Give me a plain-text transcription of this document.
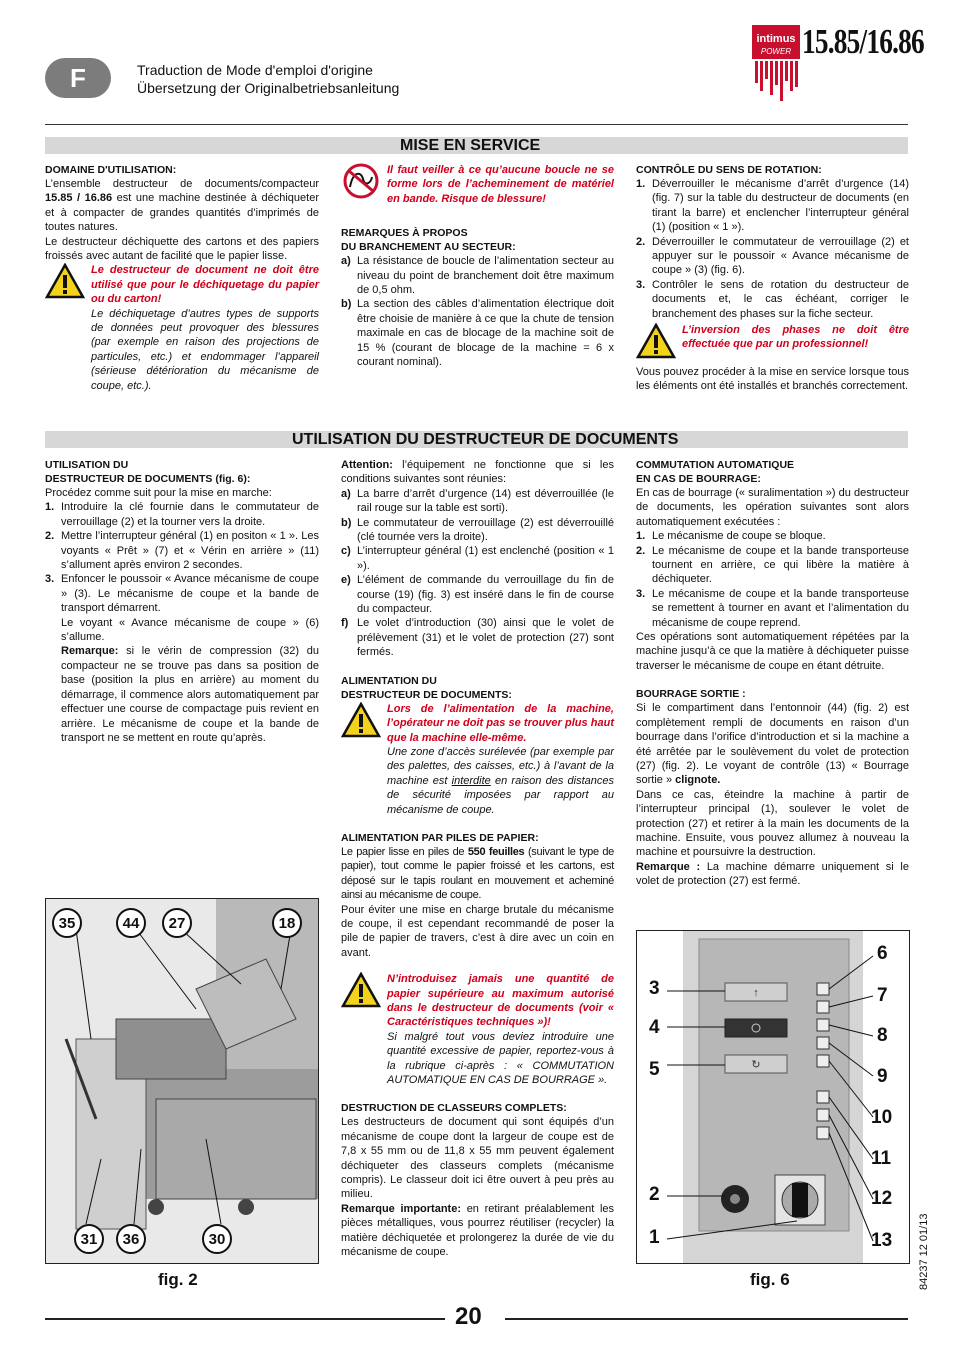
F	Traduction de Mode d'emploi d'origine
Übersetzung der Originalbetriebsanleitung
intimus
POWER 15.85/16.86
MISE EN SERVICE
DOMAINE D'UTILISATION:

L’ensemble destructeur de documents/compacteur 15.85 / 16.86 est une machine destinée à déchiqueter et à compacter de grandes quantités d’imprimés de toutes natures.

Le destructeur déchiquette des cartons et des papiers froissés avec autant de facilité que le papier lisse.

Le destructeur de document ne doit être utilisé que pour le déchiquetage du papier ou du carton!

Le déchiquetage d’autres types de supports de données peut provoquer des blessures (par exemple en raison des projections de particules, etc.) et endommager l’appareil (sérieuse détérioration du mécanisme de coupe, etc.).

Il faut veiller à ce qu’aucune boucle ne se forme lors de l’acheminement de matériel en bande. Risque de blessure!

REMARQUES À PROPOS
DU BRANCHEMENT AU SECTEUR:
a) La résistance de boucle de l’alimentation secteur au niveau du point de branchement doit être maximum de 0,5 ohm.
b) La section des câbles d’alimentation électrique doit être choisie de manière à ce que la chute de tension maximale en cas de blocage de la machine soit de 15 % (courant de blocage de la machine = 6 x courant nominal).
CONTRÔLE DU SENS DE ROTATION:
1. Déverrouiller le mécanisme d’arrêt d’urgence (14) (fig. 7) sur la table du destructeur de documents (en tirant la barre) et enclencher l’interrupteur général (1) (position « 1 »).
2. Déverrouiller le commutateur de verrouillage (2) et appuyer sur le poussoir « Avance mécanisme de coupe » (3) (fig. 6).
3. Contrôler le sens de rotation du destructeur de documents et, le cas échéant, corriger le branchement des phases sur la fiche secteur.

L’inversion des phases ne doit être effectuée que par un professionnel!

Vous pouvez procéder à la mise en service lorsque tous les éléments ont été installés et branchés correctement.

UTILISATION DU DESTRUCTEUR DE DOCUMENTS
UTILISATION DU
DESTRUCTEUR DE DOCUMENTS (fig. 6):

Procédez comme suit pour la mise en marche:

1. Introduire la clé fournie dans le commutateur de verrouillage (2) et la tourner vers la droite.
2. Mettre l’interrupteur général (1) en positon « 1 ». Les voyants « Prêt » (7) et « Vérin en arrière » (11) s’allument après environ 2 secondes.
3. Enfoncer le poussoir « Avance mécanisme de coupe » (3). Le mécanisme de coupe et la bande de transport démarrent.
Le voyant « Avance mécanisme de coupe » (6) s’allume.
Remarque: si le vérin de compression (32) du compacteur ne se trouve pas dans sa position de base (position la plus en arrière) au moment du démarrage, il commence alors automatiquement par effectuer une course de compactage puis revient en arrière. Le mécanisme de coupe et la bande de transport ne se mettent en route qu’après.

Attention: l’équipement ne fonctionne que si les conditions suivantes sont réunies:

a) La barre d’arrêt d’urgence (14) est déverrouillée (le rail rouge sur la table est sorti).
b) Le commutateur de verrouillage (2) est déverrouillé (clé tournée vers la droite).
c) L’interrupteur général (1) est enclenché (position « 1 »).
e) L’élément de commande du verrouillage du fin de course (19) (fig. 3) est inséré dans le fin de course du compacteur.
f) Le volet d’introduction (30) ainsi que le volet de prélèvement (31) et le volet de protection (27) sont fermés.
ALIMENTATION DU
DESTRUCTEUR DE DOCUMENTS:

Lors de l’alimentation de la machine, l’opérateur ne doit pas se trouver plus haut que la machine elle-même.

Une zone d’accès surélevée (par exemple par des palettes, des caisses, etc.) à l’avant de la machine est interdite en raison des distances de sécurité imposées par rapport au mécanisme de coupe.

ALIMENTATION PAR PILES DE PAPIER:

Le papier lisse en piles de 550 feuilles (suivant le type de papier), tout comme le papier froissé et les cartons, est déposé sur le tapis roulant en mouvement et acheminé ainsi au mécanisme de coupe.

Pour éviter une mise en charge brutale du mécanisme de coupe, il est cependant recommandé de poser la pile de papier de travers, c’est à dire avec un coin en avant.

N’introduisez jamais une quantité de papier supérieure au maximum autorisé dans le destructeur de documents (voir « Caractéristiques techniques »)!

Si malgré tout vous deviez introduire une quantité excessive de papier, reportez-vous à la rubrique ci-après : « COMMUTATION AUTOMATIQUE EN CAS DE BOURRAGE ».

DESTRUCTION DE CLASSEURS COMPLETS:

Les destructeurs de document qui sont équipés d’un mécanisme de coupe dont la largeur de coupe est de 7,8 x 55 mm ou de 11,8 x 55 mm peuvent également déchiqueter des classeurs complets (mécanisme compris). Le classeur doit ici être ouvert à peu près au milieu.

Remarque importante: en retirant préalablement les pièces métalliques, vous pourrez réutiliser (recycler) la matière déchiquetée et prolongerez la durée de vie du mécanisme de coupe.

COMMUTATION AUTOMATIQUE
EN CAS DE BOURRAGE:

En cas de bourrage (« suralimentation ») du destructeur de documents, les opération suivantes sont alors automatiquement exécutées :

1. Le mécanisme de coupe se bloque.
2. Le mécanisme de coupe et la bande transporteuse tournent en arrière, ce qui libère la matière à déchiqueter.
3. Le mécanisme de coupe et la bande transporteuse se remettent à tourner en avant et l’alimentation du mécanisme de coupe reprend.

Ces opérations sont automatiquement répétées par la machine jusqu’à ce que la matière à déchiqueter puisse traverser le mécanisme de coupe en étant détruite.

BOURRAGE SORTIE :

Si le compartiment dans l’entonnoir (44) (fig. 2) est complètement rempli de documents en raison d’un bourrage dans l’orifice d’introduction et si la machine a été arrêtée par le soulèvement du volet de protection (27) (fig. 2). Le voyant de contrôle (13) « Bourrage sortie » clignote.

Dans ce cas, éteindre la machine à partir de l’interrupteur principal (1), soulever le volet de protection (27) et retirer à la main les documents de la machine. Ensuite, vous pouvez allumez à nouveau la machine et poursuivre la destruction.

Remarque : La machine démarre uniquement si le volet de protection (27) est fermé.

35	44	27	18
31	36	30
fig. 2
↑
↻
3
4
5
2
1
6
7
8
9
10
11
12
13
fig. 6	84237 12 01/13
20
